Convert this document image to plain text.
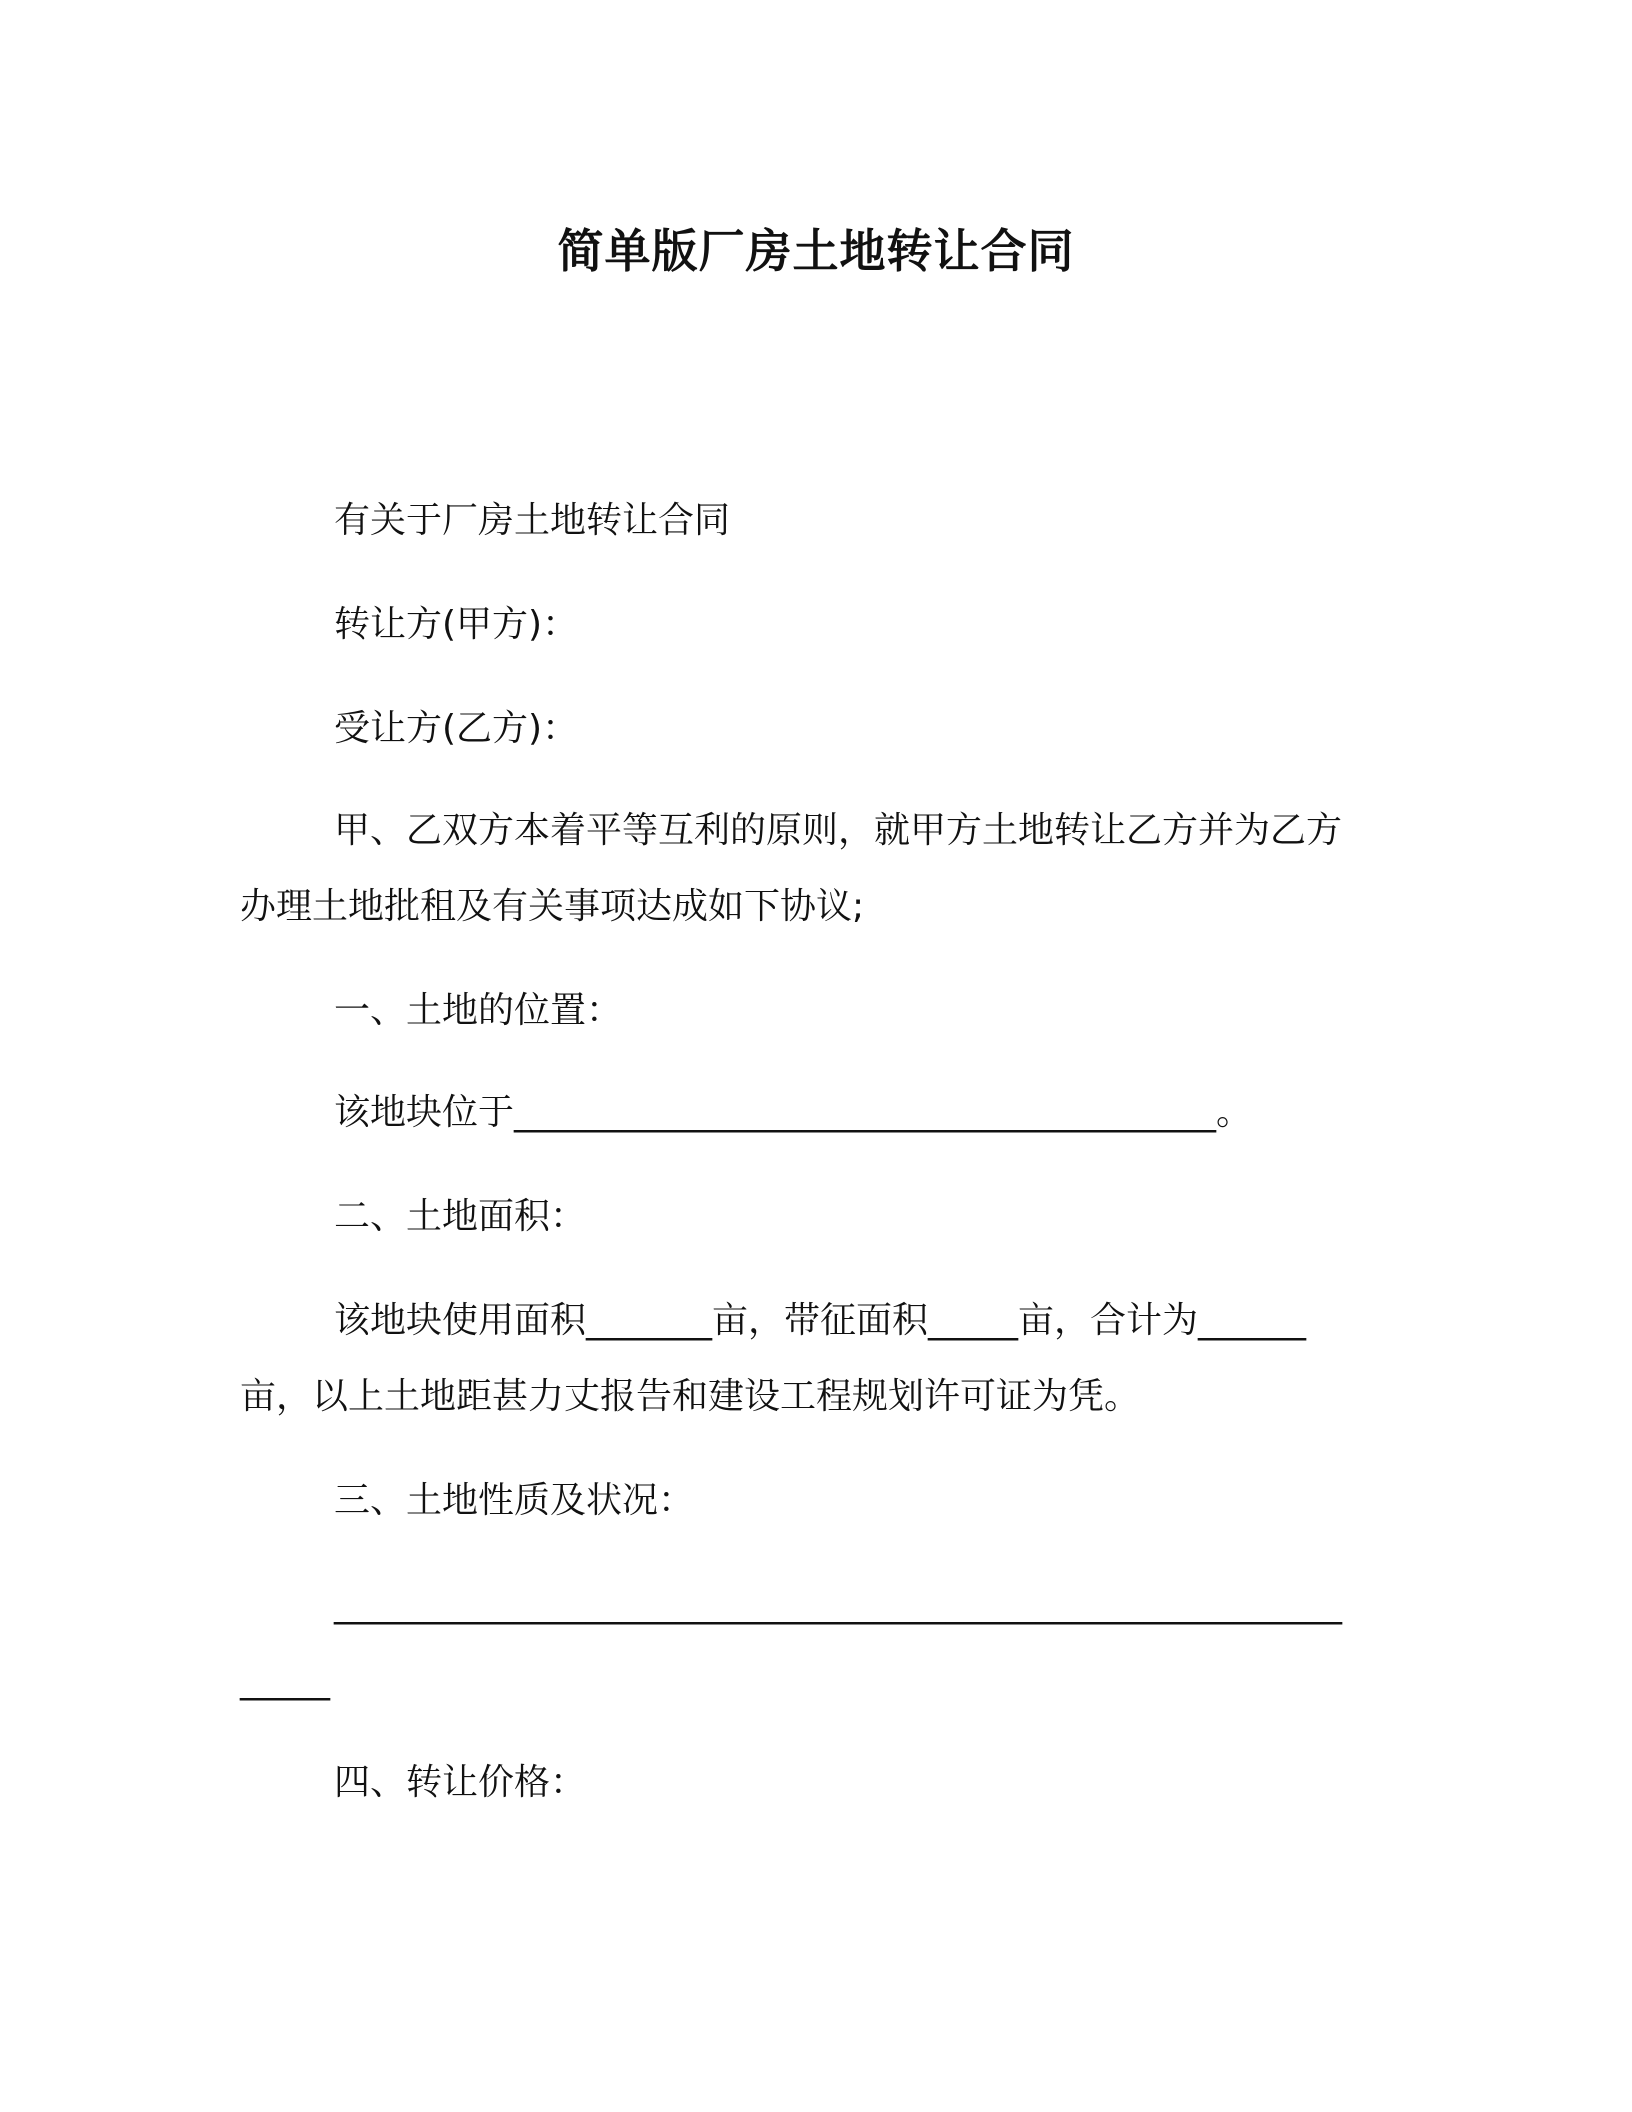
简单版厂房土地转让合同
有关于厂房土地转让合同
转让方(甲方)：
受让方(乙方)：
甲、乙双方本着平等互利的原则，就甲方土地转让乙方并为乙方
办理土地批租及有关事项达成如下协议;
一、土地的位置：
该地块位于_______________________________________。
二、土地面积：
该地块使用面积_______亩，带征面积_____亩，合计为______
亩，以上土地距甚力丈报告和建设工程规划许可证为凭。
三、土地性质及状况：
________________________________________________________
_____
四、转让价格：
